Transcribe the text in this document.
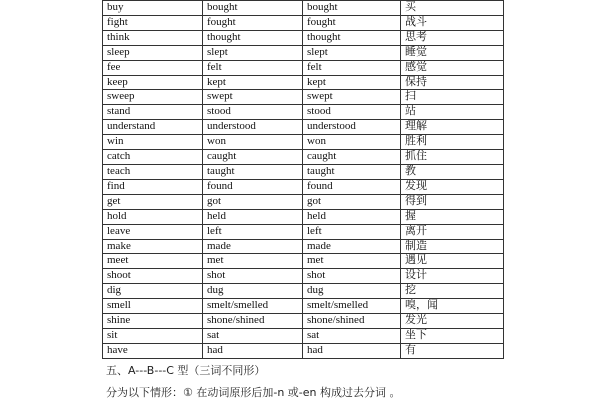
buy	bought	bought	买
fight	fought	fought	战斗
think	thought	thought	思考
sleep	slept	slept	睡觉
fee	felt	felt	感觉
keep	kept	kept	保持
sweep	swept	swept	扫
stand	stood	stood	站
understand	understood	understood	理解
win	won	won	胜利
catch	caught	caught	抓住
teach	taught	taught	教
find	found	found	发现
get	got	got	得到
hold	held	held	握
leave	left	left	离开
make	made	made	制造
meet	met	met	遇见
shoot	shot	shot	设计
dig	dug	dug	挖
smell	smelt/smelled	smelt/smelled	嗅，闻
shine	shone/shined	shone/shined	发光
sit	sat	sat	坐下
have	had	had	有
五、A---B---C 型（三词不同形）
分为以下情形：① 在动词原形后加-n 或-en 构成过去分词 。
